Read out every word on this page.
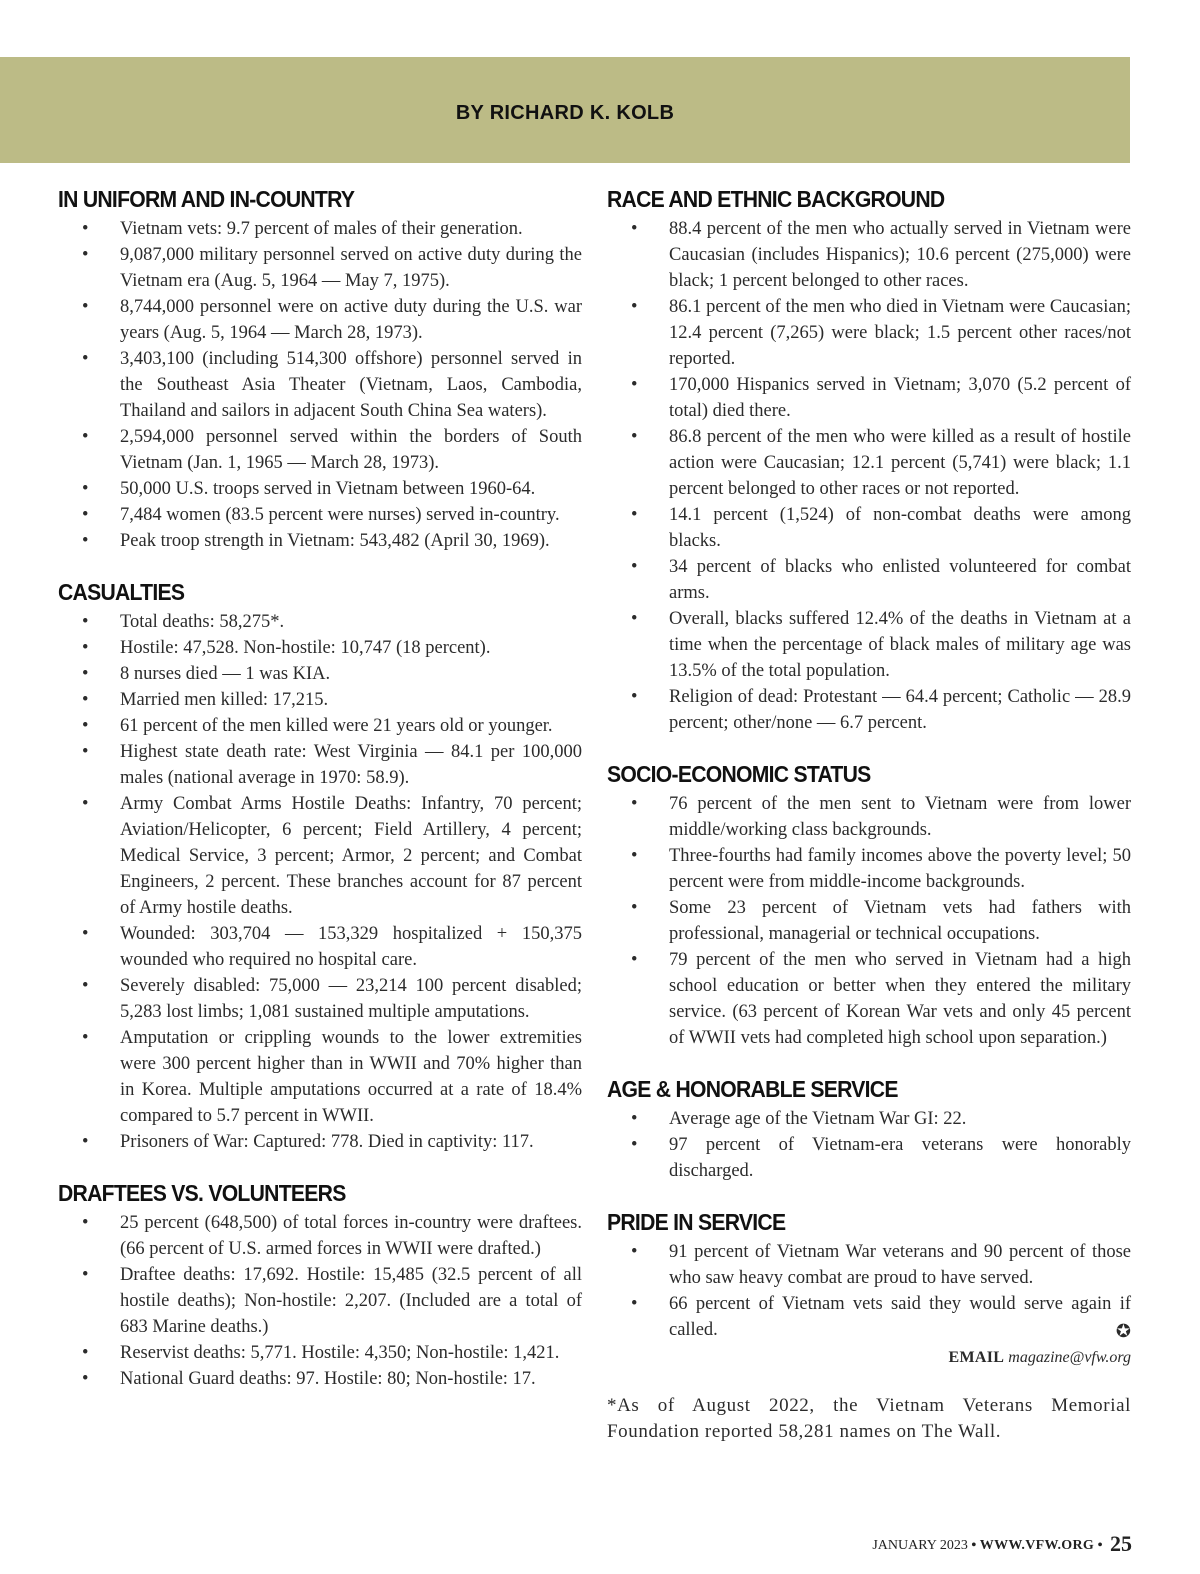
BY RICHARD K. KOLB
IN UNIFORM AND IN-COUNTRY
• Vietnam vets: 9.7 percent of males of their generation.
• 9,087,000 military personnel served on active duty during the Vietnam era (Aug. 5, 1964 — May 7, 1975).
• 8,744,000 personnel were on active duty during the U.S. war years (Aug. 5, 1964 — March 28, 1973).
• 3,403,100 (including 514,300 offshore) personnel served in the Southeast Asia Theater (Vietnam, Laos, Cambodia, Thailand and sailors in adjacent South China Sea waters).
• 2,594,000 personnel served within the borders of South Vietnam (Jan. 1, 1965 — March 28, 1973).
• 50,000 U.S. troops served in Vietnam between 1960-64.
• 7,484 women (83.5 percent were nurses) served in-country.
• Peak troop strength in Vietnam: 543,482 (April 30, 1969).
CASUALTIES
• Total deaths: 58,275*.
• Hostile: 47,528. Non-hostile: 10,747 (18 percent).
• 8 nurses died — 1 was KIA.
• Married men killed: 17,215.
• 61 percent of the men killed were 21 years old or younger.
• Highest state death rate: West Virginia — 84.1 per 100,000 males (national average in 1970: 58.9).
• Army Combat Arms Hostile Deaths: Infantry, 70 percent; Aviation/Helicopter, 6 percent; Field Artillery, 4 percent; Medical Service, 3 percent; Armor, 2 percent; and Combat Engineers, 2 percent. These branches account for 87 percent of Army hostile deaths.
• Wounded: 303,704 — 153,329 hospitalized + 150,375 wounded who required no hospital care.
• Severely disabled: 75,000 — 23,214 100 percent disabled; 5,283 lost limbs; 1,081 sustained multiple amputations.
• Amputation or crippling wounds to the lower extremities were 300 percent higher than in WWII and 70% higher than in Korea. Multiple amputations occurred at a rate of 18.4% compared to 5.7 percent in WWII.
• Prisoners of War: Captured: 778. Died in captivity: 117.
DRAFTEES VS. VOLUNTEERS
• 25 percent (648,500) of total forces in-country were draftees. (66 percent of U.S. armed forces in WWII were drafted.)
• Draftee deaths: 17,692. Hostile: 15,485 (32.5 percent of all hostile deaths); Non-hostile: 2,207. (Included are a total of 683 Marine deaths.)
• Reservist deaths: 5,771. Hostile: 4,350; Non-hostile: 1,421.
• National Guard deaths: 97. Hostile: 80; Non-hostile: 17.
RACE AND ETHNIC BACKGROUND
• 88.4 percent of the men who actually served in Vietnam were Caucasian (includes Hispanics); 10.6 percent (275,000) were black; 1 percent belonged to other races.
• 86.1 percent of the men who died in Vietnam were Caucasian; 12.4 percent (7,265) were black; 1.5 percent other races/not reported.
• 170,000 Hispanics served in Vietnam; 3,070 (5.2 percent of total) died there.
• 86.8 percent of the men who were killed as a result of hostile action were Caucasian; 12.1 percent (5,741) were black; 1.1 percent belonged to other races or not reported.
• 14.1 percent (1,524) of non-combat deaths were among blacks.
• 34 percent of blacks who enlisted volunteered for combat arms.
• Overall, blacks suffered 12.4% of the deaths in Vietnam at a time when the percentage of black males of military age was 13.5% of the total population.
• Religion of dead: Protestant — 64.4 percent; Catholic — 28.9 percent; other/none — 6.7 percent.
SOCIO-ECONOMIC STATUS
• 76 percent of the men sent to Vietnam were from lower middle/working class backgrounds.
• Three-fourths had family incomes above the poverty level; 50 percent were from middle-income backgrounds.
• Some 23 percent of Vietnam vets had fathers with professional, managerial or technical occupations.
• 79 percent of the men who served in Vietnam had a high school education or better when they entered the military service. (63 percent of Korean War vets and only 45 percent of WWII vets had completed high school upon separation.)
AGE & HONORABLE SERVICE
• Average age of the Vietnam War GI: 22.
• 97 percent of Vietnam-era veterans were honorably discharged.
PRIDE IN SERVICE
• 91 percent of Vietnam War veterans and 90 percent of those who saw heavy combat are proud to have served.
• 66 percent of Vietnam vets said they would serve again if called.	✪
EMAIL magazine@vfw.org
*As of August 2022, the Vietnam Veterans Memorial Foundation reported 58,281 names on The Wall.
JANUARY 2023 • WWW.VFW.ORG • 25
